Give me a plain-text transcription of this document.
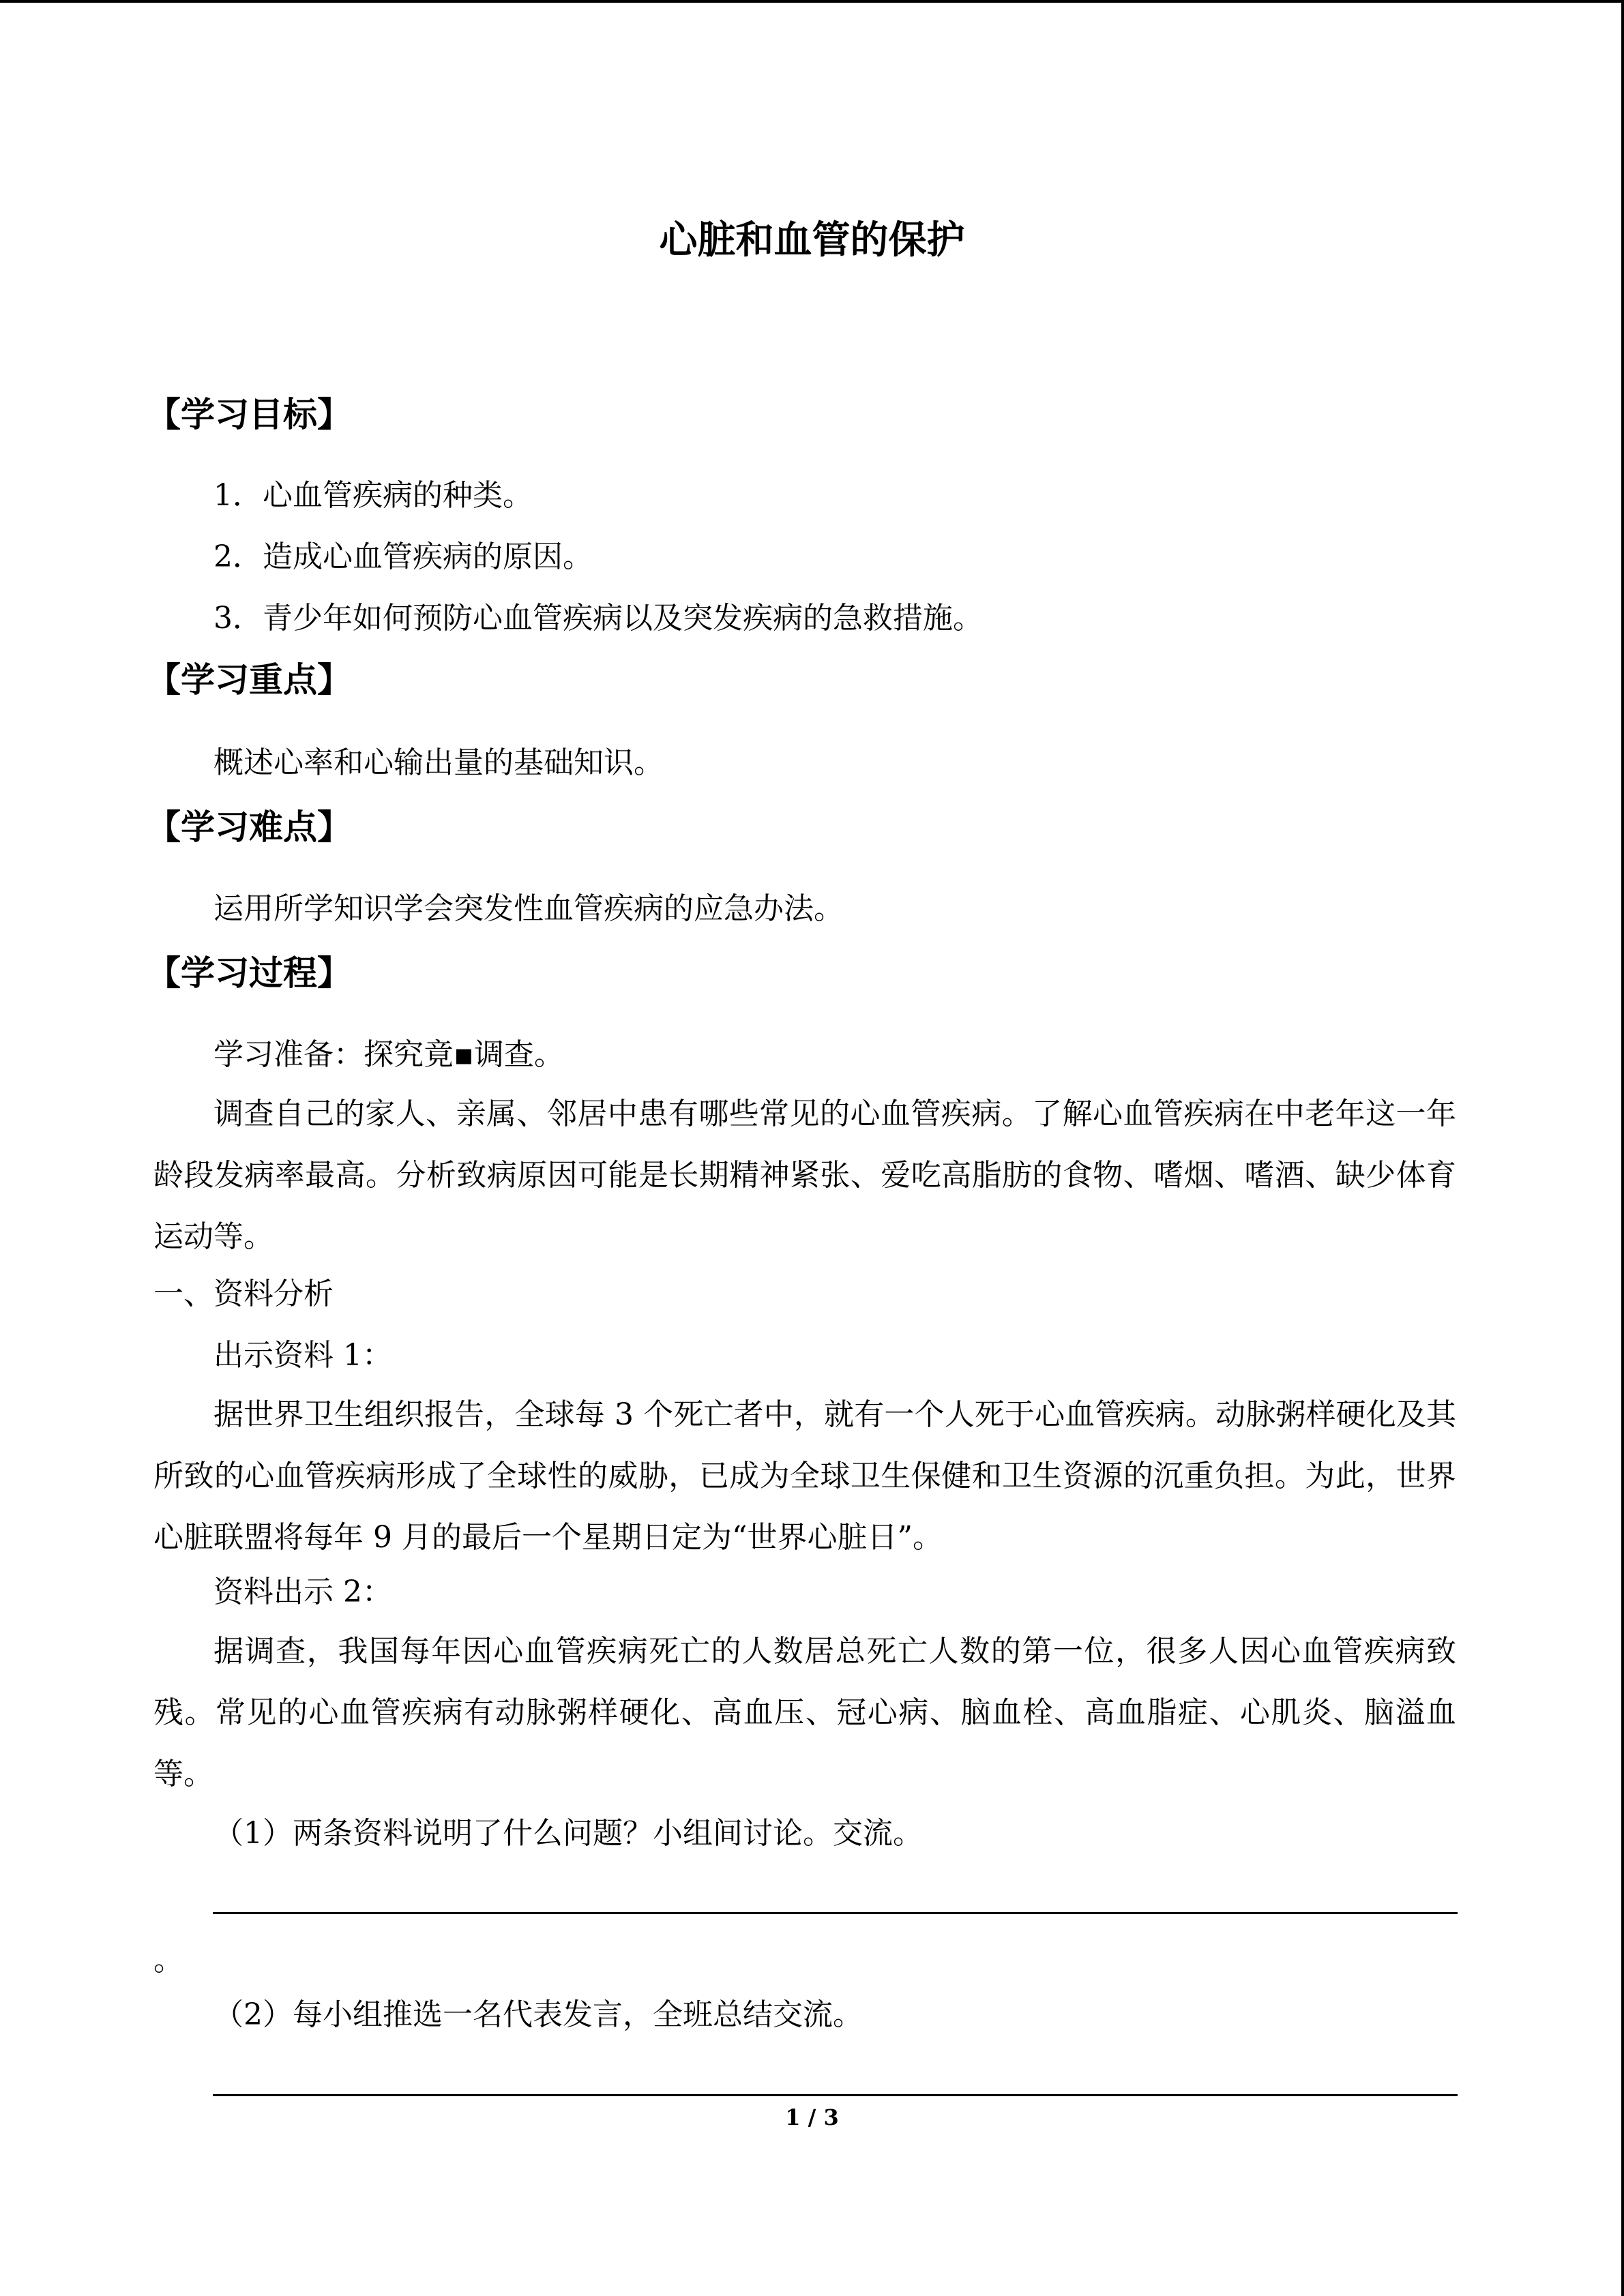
心脏和血管的保护
【学习目标】

1．心血管疾病的种类。

2．造成心血管疾病的原因。

3．青少年如何预防心血管疾病以及突发疾病的急救措施。

【学习重点】

概述心率和心输出量的基础知识。

【学习难点】

运用所学知识学会突发性血管疾病的应急办法。

【学习过程】

学习准备：探究竟▪调查。

调查自己的家人、亲属、邻居中患有哪些常见的心血管疾病。了解心血管疾病在中老年这一年龄段发病率最高。分析致病原因可能是长期精神紧张、爱吃高脂肪的食物、嗜烟、嗜酒、缺少体育运动等。

一、资料分析

出示资料 1：

据世界卫生组织报告，全球每 3 个死亡者中，就有一个人死于心血管疾病。动脉粥样硬化及其所致的心血管疾病形成了全球性的威胁，已成为全球卫生保健和卫生资源的沉重负担。为此，世界心脏联盟将每年 9 月的最后一个星期日定为“世界心脏日”。

资料出示 2：

据调查，我国每年因心血管疾病死亡的人数居总死亡人数的第一位，很多人因心血管疾病致残。常见的心血管疾病有动脉粥样硬化、高血压、冠心病、脑血栓、高血脂症、心肌炎、脑溢血等。

（1）两条资料说明了什么问题？小组间讨论。交流。

。

（2）每小组推选一名代表发言，全班总结交流。

1 / 3
